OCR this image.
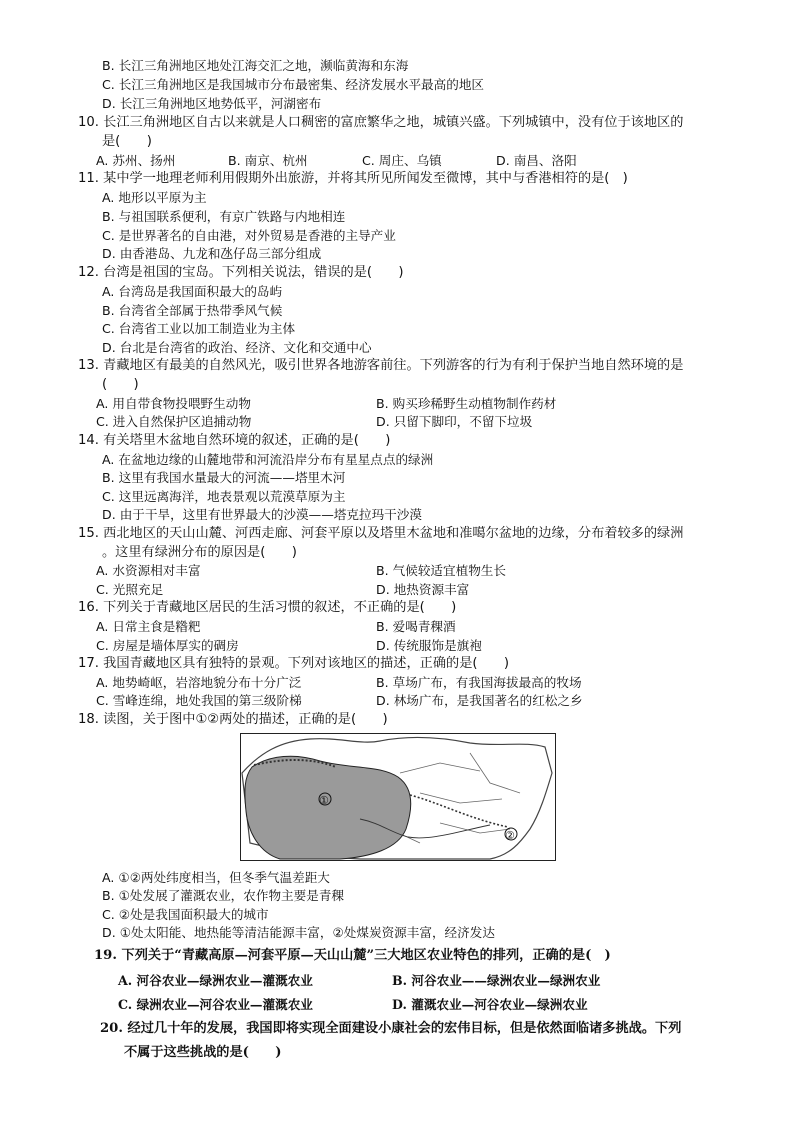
B. 长江三角洲地区地处江海交汇之地，濒临黄海和东海
C. 长江三角洲地区是我国城市分布最密集、经济发展水平最高的地区
D. 长江三角洲地区地势低平，河湖密布
10. 长江三角洲地区自古以来就是人口稠密的富庶繁华之地，城镇兴盛。下列城镇中，没有位于该地区的
是(　　)
A. 苏州、扬州	B. 南京、杭州	C. 周庄、乌镇	D. 南昌、洛阳
11. 某中学一地理老师利用假期外出旅游，并将其所见所闻发至微博，其中与香港相符的是(　)
A. 地形以平原为主
B. 与祖国联系便利，有京广铁路与内地相连
C. 是世界著名的自由港，对外贸易是香港的主导产业
D. 由香港岛、九龙和氹仔岛三部分组成
12. 台湾是祖国的宝岛。下列相关说法，错误的是(　　)
A. 台湾岛是我国面积最大的岛屿
B. 台湾省全部属于热带季风气候
C. 台湾省工业以加工制造业为主体
D. 台北是台湾省的政治、经济、文化和交通中心
13. 青藏地区有最美的自然风光，吸引世界各地游客前往。下列游客的行为有利于保护当地自然环境的是
(　　)
A. 用自带食物投喂野生动物	B. 购买珍稀野生动植物制作药材
C. 进入自然保护区追捕动物	D. 只留下脚印，不留下垃圾
14. 有关塔里木盆地自然环境的叙述，正确的是(　　)
A. 在盆地边缘的山麓地带和河流沿岸分布有星星点点的绿洲
B. 这里有我国水量最大的河流——塔里木河
C. 这里远离海洋，地表景观以荒漠草原为主
D. 由于干旱，这里有世界最大的沙漠——塔克拉玛干沙漠
15. 西北地区的天山山麓、河西走廊、河套平原以及塔里木盆地和准噶尔盆地的边缘，分布着较多的绿洲
。这里有绿洲分布的原因是(　　)
A. 水资源相对丰富	B. 气候较适宜植物生长
C. 光照充足	D. 地热资源丰富
16. 下列关于青藏地区居民的生活习惯的叙述，不正确的是(　　)
A. 日常主食是糌粑	B. 爱喝青稞酒
C. 房屋是墙体厚实的碉房	D. 传统服饰是旗袍
17. 我国青藏地区具有独特的景观。下列对该地区的描述，正确的是(　　)
A. 地势崎岖，岩溶地貌分布十分广泛	B. 草场广布，有我国海拔最高的牧场
C. 雪峰连绵，地处我国的第三级阶梯	D. 林场广布，是我国著名的红松之乡
18. 读图，关于图中①②两处的描述，正确的是(　　)
①
②
A. ①②两处纬度相当，但冬季气温差距大
B. ①处发展了灌溉农业，农作物主要是青稞
C. ②处是我国面积最大的城市
D. ①处太阳能、地热能等清洁能源丰富，②处煤炭资源丰富，经济发达
19. 下列关于“青藏高原—河套平原—天山山麓”三大地区农业特色的排列，正确的是(　)
A. 河谷农业—绿洲农业—灌溉农业	B. 河谷农业——绿洲农业—绿洲农业
C. 绿洲农业—河谷农业—灌溉农业	D. 灌溉农业—河谷农业—绿洲农业
20. 经过几十年的发展，我国即将实现全面建设小康社会的宏伟目标，但是依然面临诸多挑战。下列
不属于这些挑战的是(　　)
